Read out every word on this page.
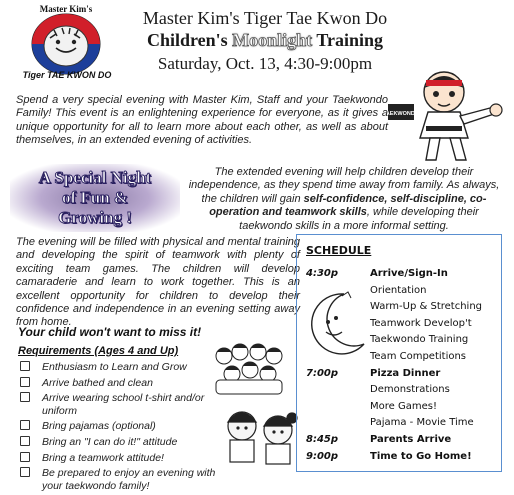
Master Kim's
Tiger TAE KWON DO
Master Kim's Tiger Tae Kwon Do
Children's Moonlight Training
Saturday, Oct. 13, 4:30-9:00pm
TAEKWONDO
Spend a very special evening with Master Kim, Staff and your Taekwondo Family! This event is an enlightening experience for everyone, as it gives a unique opportunity for all to learn more about each other, as well as about themselves, in an extended evening of activities.
A Special Night
of Fun &
Growing !
The extended evening will help children develop their independence, as they spend time away from family. As always, the children will gain self-confidence, self-discipline, co-operation and teamwork skills, while developing their taekwondo skills in a more informal setting.
The evening will be filled with physical and mental training and developing the spirit of teamwork with plenty of exciting team games. The children will develop camaraderie and learn to work together. This is an excellent opportunity for children to develop their confidence and independence in an evening setting away from home.
Your child won't want to miss it!
Requirements (Ages 4 and Up)
Enthusiasm to Learn and Grow
Arrive bathed and clean
Arrive wearing school t-shirt and/or uniform
Bring pajamas (optional)
Bring an "I can do it!" attitude
Bring a teamwork attitude!
Be prepared to enjoy an evening with your taekwondo family!
SCHEDULE
4:30p	Arrive/Sign-In
Orientation
Warm-Up & Stretching
Teamwork Develop't
Taekwondo Training
Team Competitions
7:00p	Pizza Dinner
Demonstrations
More Games!
Pajama - Movie Time
8:45p	Parents Arrive
9:00p	Time to Go Home!
